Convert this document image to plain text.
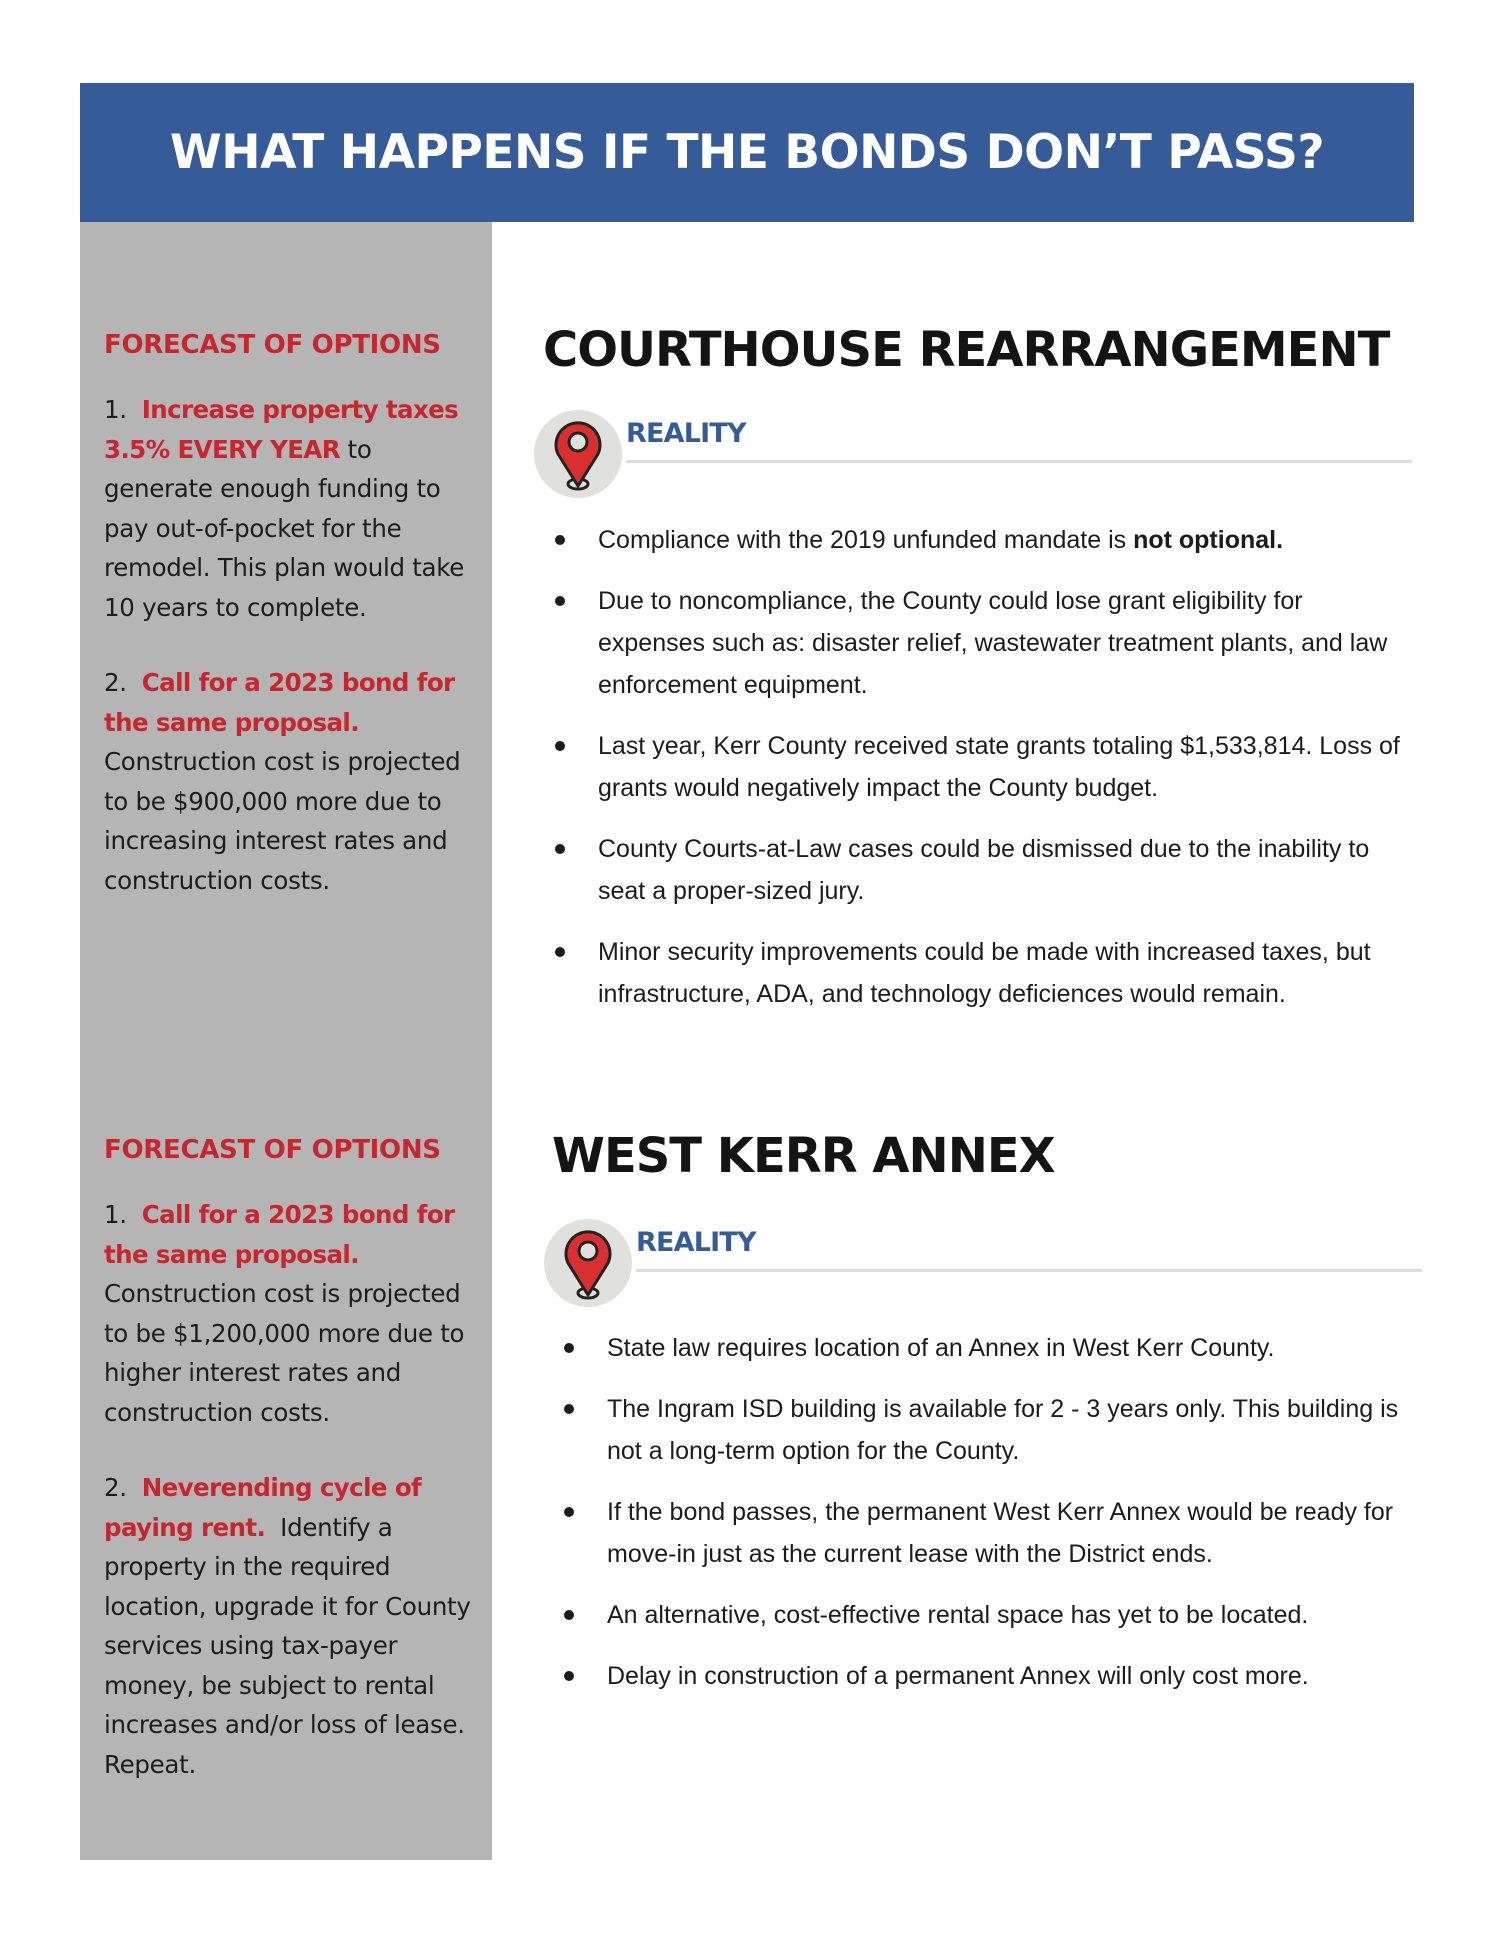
WHAT HAPPENS IF THE BONDS DON’T PASS?

FORECAST OF OPTIONS

1. Increase property taxes 3.5% EVERY YEAR to generate enough funding to pay out-of-pocket for the remodel. This plan would take 10 years to complete.

2. Call for a 2023 bond for the same proposal. Construction cost is projected to be $900,000 more due to increasing interest rates and construction costs.

FORECAST OF OPTIONS

1. Call for a 2023 bond for the same proposal. Construction cost is projected to be $1,200,000 more due to higher interest rates and construction costs.

2. Neverending cycle of paying rent. Identify a property in the required location, upgrade it for County services using tax-payer money, be subject to rental increases and/or loss of lease. Repeat.

COURTHOUSE REARRANGEMENT
REALITY
Compliance with the 2019 unfunded mandate is not optional.
Due to noncompliance, the County could lose grant eligibility for expenses such as: disaster relief, wastewater treatment plants, and law enforcement equipment.
Last year, Kerr County received state grants totaling $1,533,814. Loss of grants would negatively impact the County budget.
County Courts-at-Law cases could be dismissed due to the inability to seat a proper-sized jury.
Minor security improvements could be made with increased taxes, but infrastructure, ADA, and technology deficiences would remain.
WEST KERR ANNEX
REALITY
State law requires location of an Annex in West Kerr County.
The Ingram ISD building is available for 2 - 3 years only. This building is not a long-term option for the County.
If the bond passes, the permanent West Kerr Annex would be ready for move-in just as the current lease with the District ends.
An alternative, cost-effective rental space has yet to be located.
Delay in construction of a permanent Annex will only cost more.
